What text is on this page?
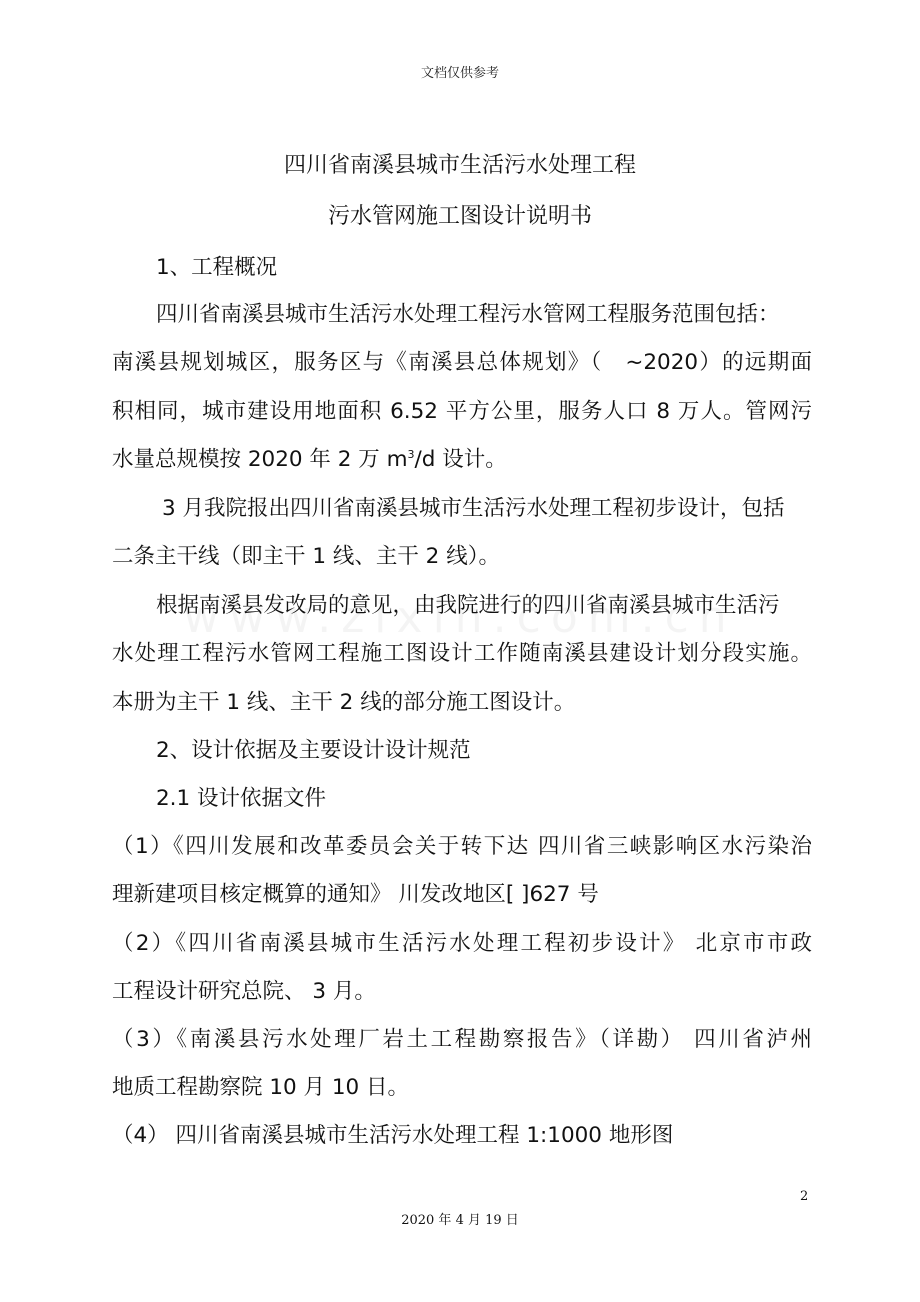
文档仅供参考
四川省南溪县城市生活污水处理工程
污水管网施工图设计说明书
1、工程概况
四川省南溪县城市生活污水处理工程污水管网工程服务范围包括：
南溪县规划城区，服务区与《南溪县总体规划》（　~2020）的远期面
积相同，城市建设用地面积 6.52 平方公里，服务人口 8 万人。管网污
水量总规模按 2020 年 2 万 $m^3/d$ 设计。
3 月我院报出四川省南溪县城市生活污水处理工程初步设计，包括
二条主干线（即主干 1 线、主干 2 线）。
根据南溪县发改局的意见，由我院进行的四川省南溪县城市生活污
水处理工程污水管网工程施工图设计工作随南溪县建设计划分段实施。
本册为主干 1 线、主干 2 线的部分施工图设计。
2、设计依据及主要设计设计规范
2.1 设计依据文件
（1）《四川发展和改革委员会关于转下达 四川省三峡影响区水污染治
理新建项目核定概算的通知》 川发改地区[ ]627 号
（2）《四川省南溪县城市生活污水处理工程初步设计》 北京市市政
工程设计研究总院、 3 月。
（3）《南溪县污水处理厂岩土工程勘察报告》（详勘） 四川省泸州
地质工程勘察院 10 月 10 日。
（4） 四川省南溪县城市生活污水处理工程 1:1000 地形图
2
2020 年 4 月 19 日
